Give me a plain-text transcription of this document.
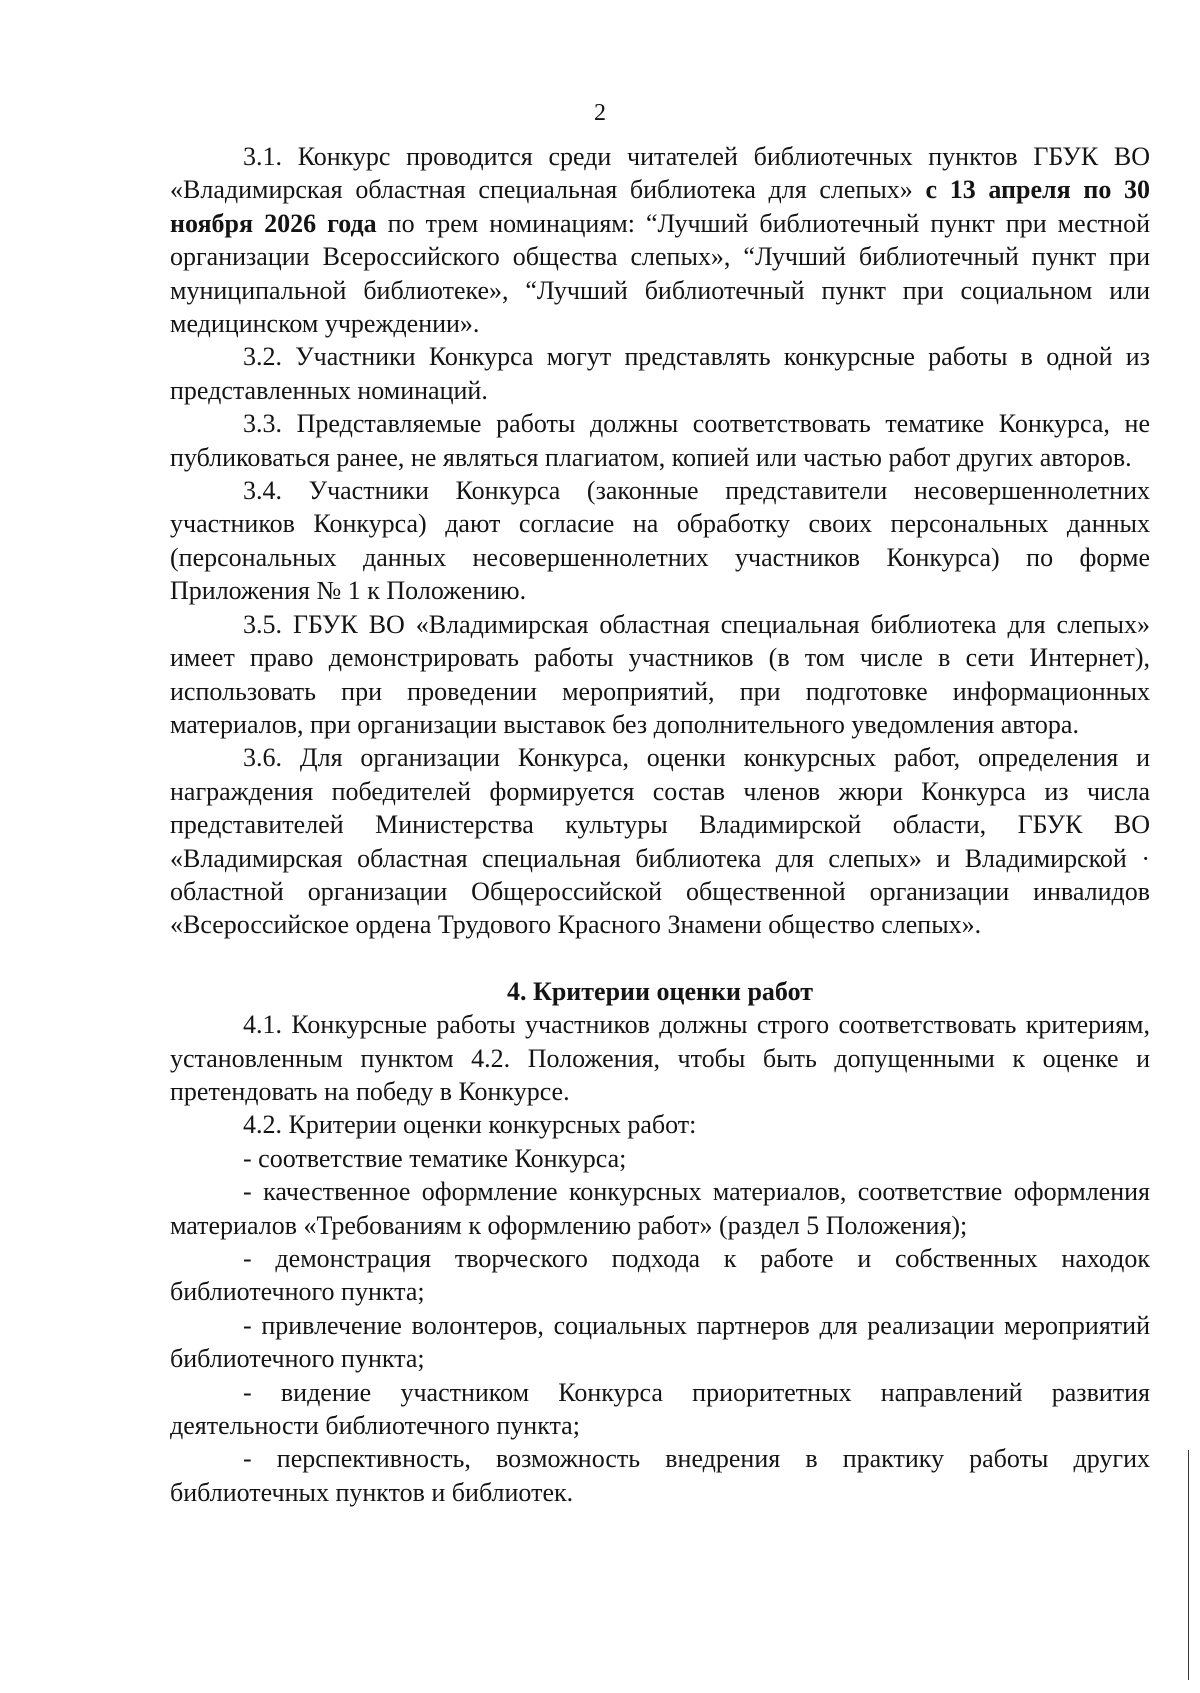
2

3.1. Конкурс проводится среди читателей библиотечных пунктов ГБУК ВО «Владимирская областная специальная библиотека для слепых» с 13 апреля по 30 ноября 2026 года по трем номинациям: “Лучший библиотечный пункт при местной организации Всероссийского общества слепых», “Лучший библиотечный пункт при муниципальной библиотеке», “Лучший библиотечный пункт при социальном или медицинском учреждении».

3.2. Участники Конкурса могут представлять конкурсные работы в одной из представленных номинаций.

3.3. Представляемые работы должны соответствовать тематике Конкурса, не публиковаться ранее, не являться плагиатом, копией или частью работ других авторов.

3.4. Участники Конкурса (законные представители несовершеннолетних участников Конкурса) дают согласие на обработку своих персональных данных (персональных данных несовершеннолетних участников Конкурса) по форме Приложения № 1 к Положению.

3.5. ГБУК ВО «Владимирская областная специальная библиотека для слепых» имеет право демонстрировать работы участников (в том числе в сети Интернет), использовать при проведении мероприятий, при подготовке информационных материалов, при организации выставок без дополнительного уведомления автора.

3.6. Для организации Конкурса, оценки конкурсных работ, определения и награждения победителей формируется состав членов жюри Конкурса из числа представителей Министерства культуры Владимирской области, ГБУК ВО «Владимирская областная специальная библиотека для слепых» и Владимирской · областной организации Общероссийской общественной организации инвалидов «Всероссийское ордена Трудового Красного Знамени общество слепых».

4. Критерии оценки работ

4.1. Конкурсные работы участников должны строго соответствовать критериям, установленным пунктом 4.2. Положения, чтобы быть допущенными к оценке и претендовать на победу в Конкурсе.

4.2. Критерии оценки конкурсных работ:

- соответствие тематике Конкурса;

- качественное оформление конкурсных материалов, соответствие оформления материалов «Требованиям к оформлению работ» (раздел 5 Положения);

- демонстрация творческого подхода к работе и собственных находок библиотечного пункта;

- привлечение волонтеров, социальных партнеров для реализации мероприятий библиотечного пункта;

- видение участником Конкурса приоритетных направлений развития деятельности библиотечного пункта;

- перспективность, возможность внедрения в практику работы других библиотечных пунктов и библиотек.
